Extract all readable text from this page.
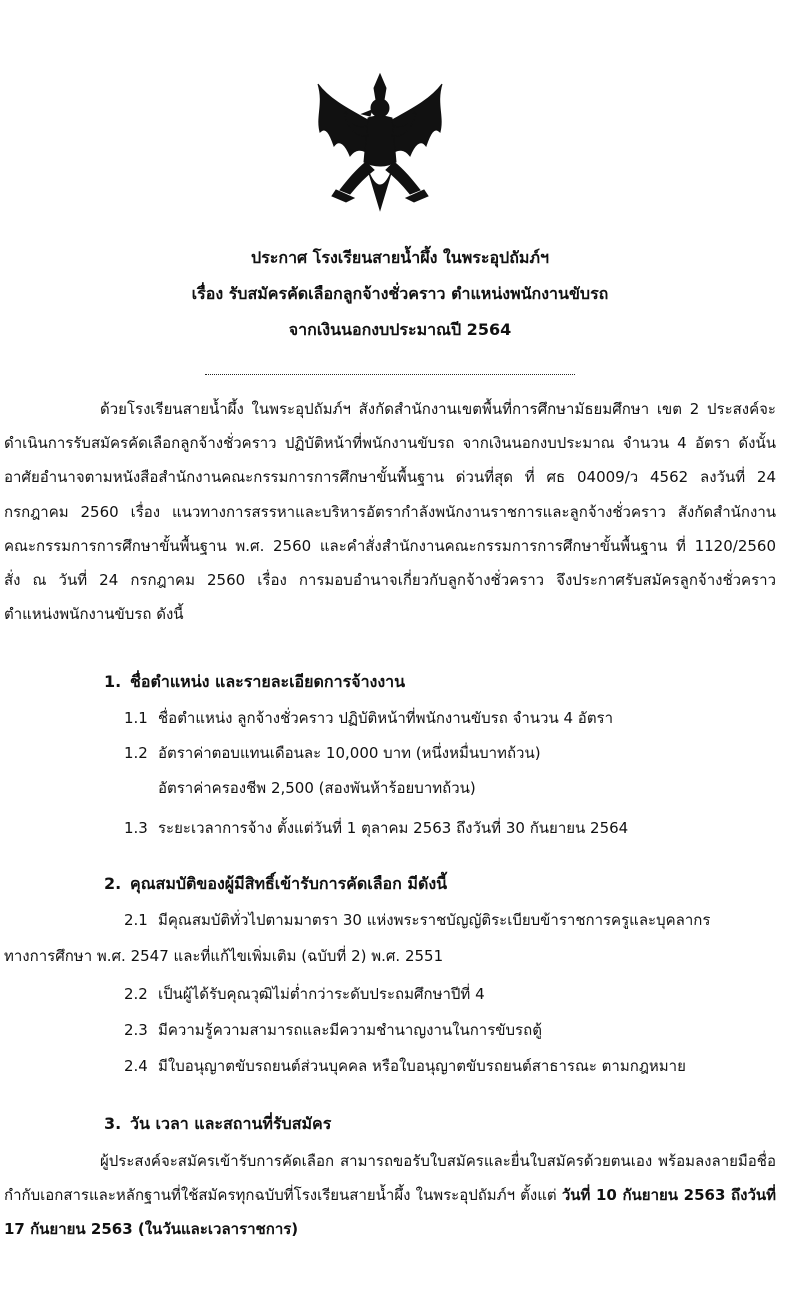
ประกาศ โรงเรียนสายน้ำผึ้ง ในพระอุปถัมภ์ฯ
เรื่อง รับสมัครคัดเลือกลูกจ้างชั่วคราว ตำแหน่งพนักงานขับรถ
จากเงินนอกงบประมาณปี 2564

ด้วยโรงเรียนสายน้ำผึ้ง ในพระอุปถัมภ์ฯ สังกัดสำนักงานเขตพื้นที่การศึกษามัธยมศึกษา เขต 2 ประสงค์จะดำเนินการรับสมัครคัดเลือกลูกจ้างชั่วคราว ปฏิบัติหน้าที่พนักงานขับรถ จากเงินนอกงบประมาณ จำนวน 4 อัตรา ดังนั้นอาศัยอำนาจตามหนังสือสำนักงานคณะกรรมการการศึกษาขั้นพื้นฐาน ด่วนที่สุด ที่ ศธ 04009/ว 4562 ลงวันที่ 24 กรกฎาคม 2560 เรื่อง แนวทางการสรรหาและบริหารอัตรากำลังพนักงานราชการและลูกจ้างชั่วคราว สังกัดสำนักงานคณะกรรมการการศึกษาขั้นพื้นฐาน พ.ศ. 2560 และคำสั่งสำนักงานคณะกรรมการการศึกษาขั้นพื้นฐาน ที่ 1120/2560 สั่ง ณ วันที่ 24 กรกฎาคม 2560 เรื่อง การมอบอำนาจเกี่ยวกับลูกจ้างชั่วคราว จึงประกาศรับสมัครลูกจ้างชั่วคราว ตำแหน่งพนักงานขับรถ ดังนี้

1. ชื่อตำแหน่ง และรายละเอียดการจ้างงาน
1.1 ชื่อตำแหน่ง ลูกจ้างชั่วคราว ปฏิบัติหน้าที่พนักงานขับรถ จำนวน 4 อัตรา
1.2 อัตราค่าตอบแทนเดือนละ 10,000 บาท (หนึ่งหมื่นบาทถ้วน)
อัตราค่าครองชีพ 2,500 (สองพันห้าร้อยบาทถ้วน)
1.3 ระยะเวลาการจ้าง ตั้งแต่วันที่ 1 ตุลาคม 2563 ถึงวันที่ 30 กันยายน 2564
2. คุณสมบัติของผู้มีสิทธิ์เข้ารับการคัดเลือก มีดังนี้
2.1 มีคุณสมบัติทั่วไปตามมาตรา 30 แห่งพระราชบัญญัติระเบียบข้าราชการครูและบุคลากร
ทางการศึกษา พ.ศ. 2547 และที่แก้ไขเพิ่มเติม (ฉบับที่ 2) พ.ศ. 2551
2.2 เป็นผู้ได้รับคุณวุฒิไม่ต่ำกว่าระดับประถมศึกษาปีที่ 4
2.3 มีความรู้ความสามารถและมีความชำนาญงานในการขับรถตู้
2.4 มีใบอนุญาตขับรถยนต์ส่วนบุคคล หรือใบอนุญาตขับรถยนต์สาธารณะ ตามกฎหมาย
3. วัน เวลา และสถานที่รับสมัคร

ผู้ประสงค์จะสมัครเข้ารับการคัดเลือก สามารถขอรับใบสมัครและยื่นใบสมัครด้วยตนเอง พร้อมลงลายมือชื่อกำกับเอกสารและหลักฐานที่ใช้สมัครทุกฉบับที่โรงเรียนสายน้ำผึ้ง ในพระอุปถัมภ์ฯ ตั้งแต่ วันที่ 10 กันยายน 2563 ถึงวันที่ 17 กันยายน 2563 (ในวันและเวลาราชการ)
